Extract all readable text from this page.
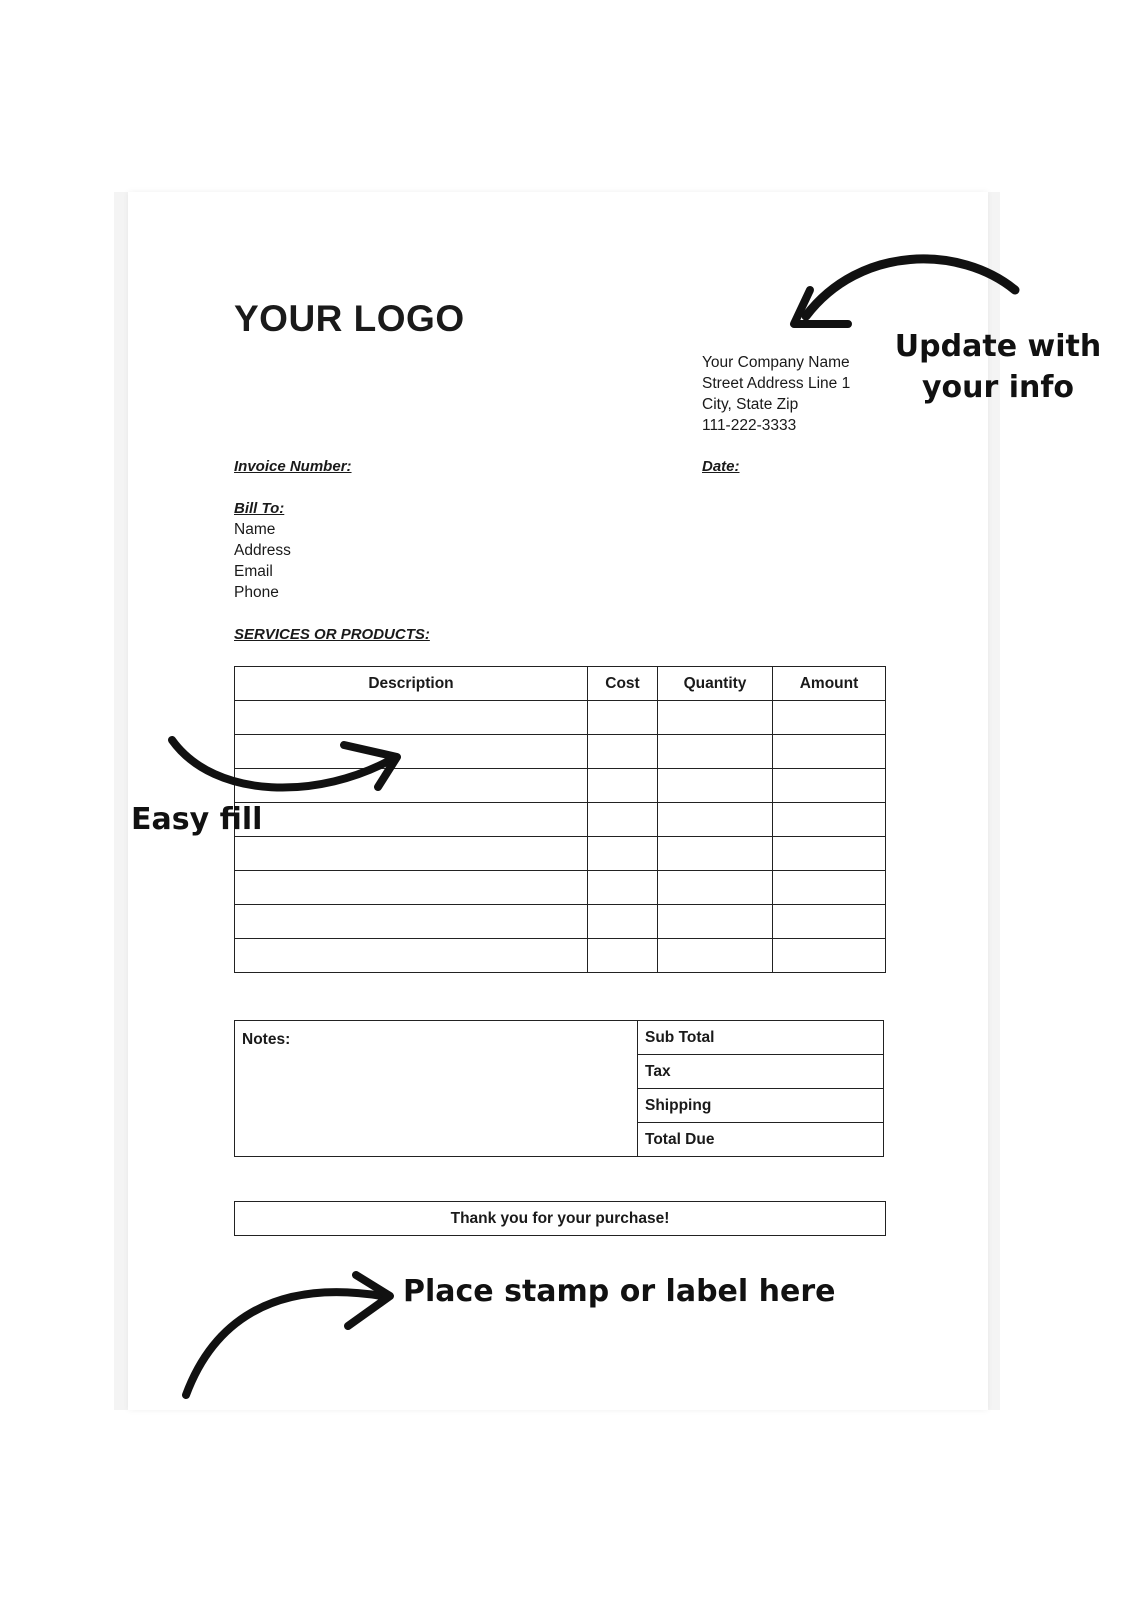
YOUR LOGO
Your Company Name
Street Address Line 1
City, State Zip
111-222-3333
Invoice Number:	Date:
Bill To:
Name
Address
Email
Phone
SERVICES OR PRODUCTS:
Description	Cost	Quantity	Amount

Notes:	Sub Total
Tax
Shipping
Total Due
Thank you for your purchase!
Update with your info
Easy fill
Place stamp or label here
